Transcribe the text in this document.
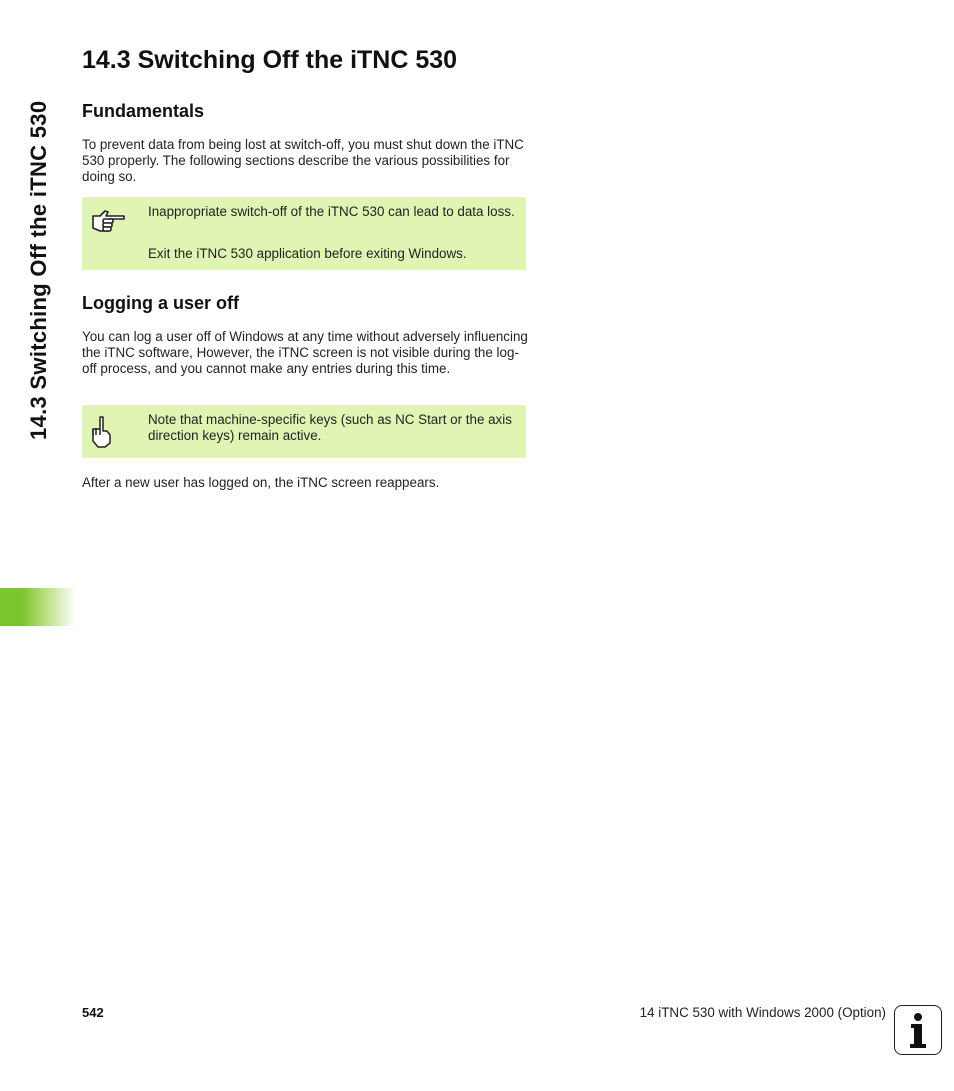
14.3 Switching Off the iTNC 530
14.3 Switching Off the iTNC 530
Fundamentals

To prevent data from being lost at switch-off, you must shut down the iTNC 530 properly. The following sections describe the various possibilities for doing so.

Inappropriate switch-off of the iTNC 530 can lead to data loss.

Exit the iTNC 530 application before exiting Windows.

Logging a user off

You can log a user off of Windows at any time without adversely influencing the iTNC software, However, the iTNC screen is not visible during the log-off process, and you cannot make any entries during this time.

Note that machine-specific keys (such as NC Start or the axis direction keys) remain active.

After a new user has logged on, the iTNC screen reappears.

542	14 iTNC 530 with Windows 2000 (Option)
